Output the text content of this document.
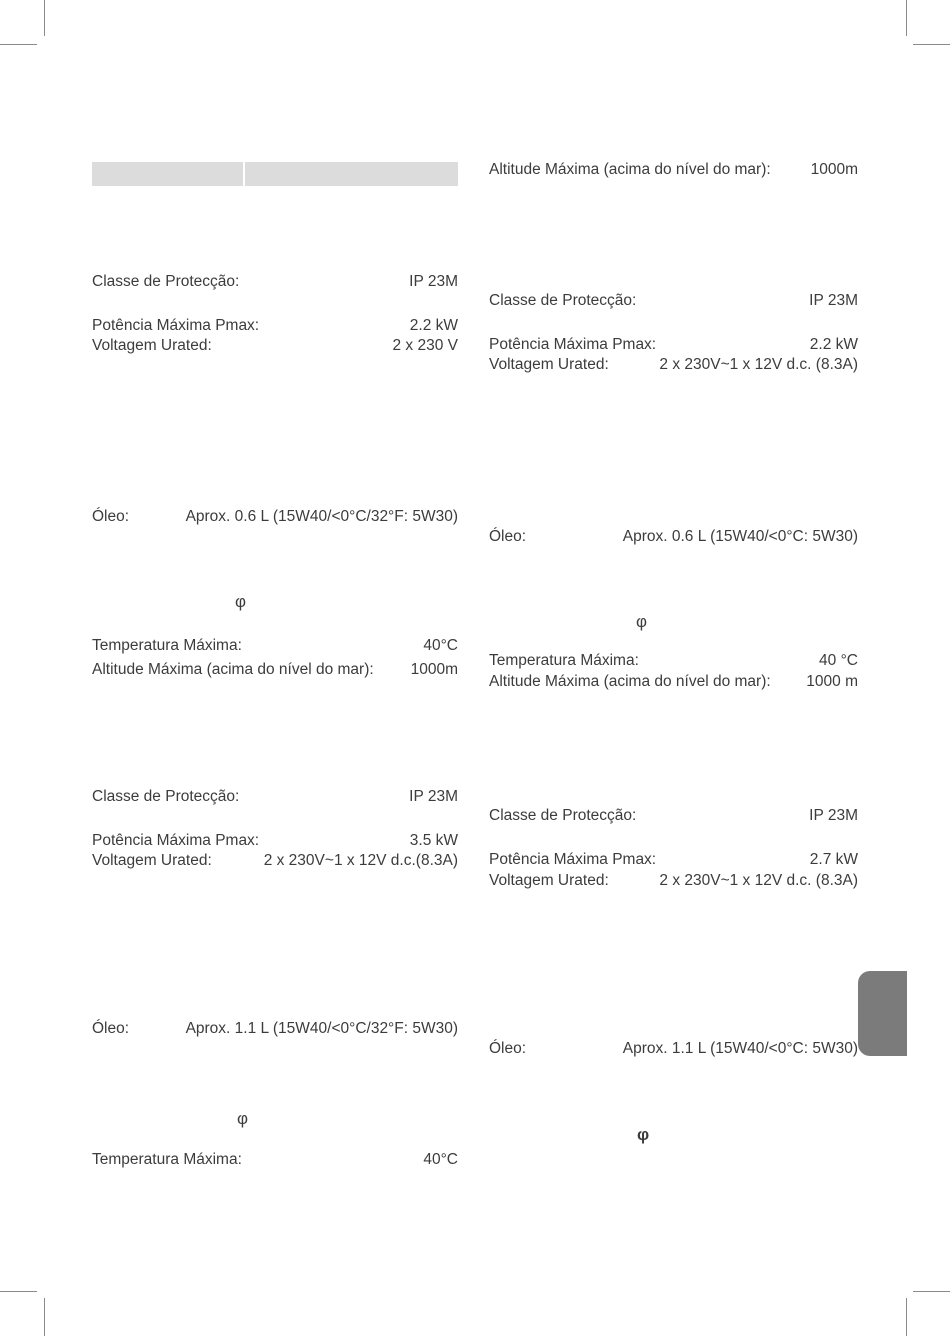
Classe de Protecção:	IP 23M
Potência Máxima Pmax:	2.2 kW
Voltagem Urated:	2 x 230 V
Óleo:	Aprox. 0.6 L (15W40/<0°C/32°F: 5W30)
φ
Temperatura Máxima:	40°C
Altitude Máxima (acima do nível do mar): 1000m
Classe de Protecção:	IP 23M
Potência Máxima Pmax:	3.5 kW
Voltagem Urated:	2 x 230V~1 x 12V d.c.(8.3A)
Óleo:	Aprox. 1.1 L (15W40/<0°C/32°F: 5W30)
φ
Temperatura Máxima:	40°C
Altitude Máxima (acima do nível do mar):	1000m
Classe de Protecção:	IP 23M
Potência Máxima Pmax:	2.2 kW
Voltagem Urated:	2 x 230V~1 x 12V d.c. (8.3A)
Óleo:	Aprox. 0.6 L (15W40/<0°C: 5W30)
φ
Temperatura Máxima:	40 °C
Altitude Máxima (acima do nível do mar): 1000 m
Classe de Protecção:	IP 23M
Potência Máxima Pmax:	2.7 kW
Voltagem Urated:	2 x 230V~1 x 12V d.c. (8.3A)
Óleo:	Aprox. 1.1 L (15W40/<0°C: 5W30)
φ
